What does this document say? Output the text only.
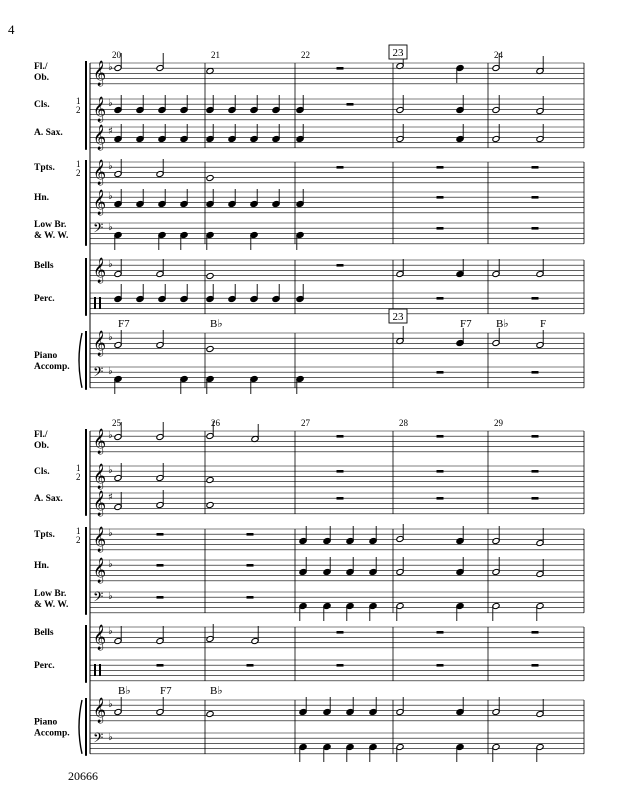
4
20666
Fl./
Ob.
Cls.	1
2
A. Sax.
Tpts. 1
2
Hn.
Low Br.
& W. W.
Bells
Perc.
Piano
Accomp.
𝄞 ♭
𝄞 ♭
𝄞 ♯
𝄞 ♭
𝄞 ♭
𝄢 ♭
𝄞 ♭
𝄞 ♭
𝄢 ♭
20	21	22	24
Fl./
Ob.
Cls.	1
2
A. Sax.
Tpts. 1
2
Hn.
Low Br.
& W. W.
Bells
Perc.
Piano
Accomp.
𝄞 ♭
𝄞 ♭
𝄞 ♯
𝄞 ♭
𝄞 ♭
𝄢 ♭
𝄞 ♭
𝄞 ♭
𝄢 ♭
25	26	27	28	29
23
23
F7	B♭	F7 B♭	F
B♭	F7	B♭
